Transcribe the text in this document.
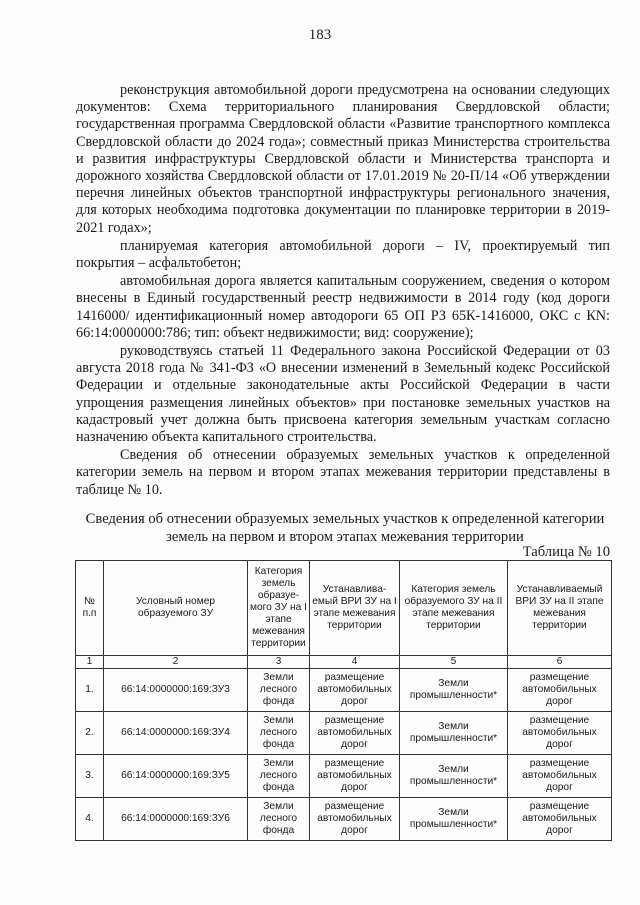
183

реконструкция автомобильной дороги предусмотрена на основании следующих документов: Схема территориального планирования Свердловской области; государственная программа Свердловской области «Развитие транспортного комплекса Свердловской области до 2024 года»; совместный приказ Министерства строительства и развития инфраструктуры Свердловской области и Министерства транспорта и дорожного хозяйства Свердловской области от 17.01.2019 № 20-П/14 «Об утверждении перечня линейных объектов транспортной инфраструктуры регионального значения, для которых необходима подготовка документации по планировке территории в 2019-2021 годах»;

планируемая категория автомобильной дороги – IV, проектируемый тип покрытия – асфальтобетон;

автомобильная дорога является капитальным сооружением, сведения о котором внесены в Единый государственный реестр недвижимости в 2014 году (код дороги 1416000/ идентификационный номер автодороги 65 ОП РЗ 65К-1416000, ОКС с КN: 66:14:0000000:786; тип: объект недвижимости; вид: сооружение);

руководствуясь статьей 11 Федерального закона Российской Федерации от 03 августа 2018 года № 341-ФЗ «О внесении изменений в Земельный кодекс Российской Федерации и отдельные законодательные акты Российской Федерации в части упрощения размещения линейных объектов» при постановке земельных участков на кадастровый учет должна быть присвоена категория земельным участкам согласно назначению объекта капитального строительства.

Сведения об отнесении образуемых земельных участков к определенной категории земель на первом и втором этапах межевания территории представлены в таблице № 10.

Сведения об отнесении образуемых земельных участков к определенной категории земель на первом и втором этапах межевания территории
Таблица № 10
№ п.п	Условный номер образуемого ЗУ	Категория земель образуе-мого ЗУ на I этапе межевания территории	Устанавлива-емый ВРИ ЗУ на I этапе межевания территории	Категория земель образуемого ЗУ на II этапе межевания территории	Устанавливаемый ВРИ ЗУ на II этапе межевания территории
1	2	3	4	5	6
1.	66:14:0000000:169:ЗУ3	Земли лесного фонда	размещение автомобильных дорог	Земли промышленности*	размещение автомобильных дорог
2.	66:14:0000000:169:ЗУ4	Земли лесного фонда	размещение автомобильных дорог	Земли промышленности*	размещение автомобильных дорог
3.	66:14:0000000:169:ЗУ5	Земли лесного фонда	размещение автомобильных дорог	Земли промышленности*	размещение автомобильных дорог
4.	66:14:0000000:169:ЗУ6	Земли лесного фонда	размещение автомобильных дорог	Земли промышленности*	размещение автомобильных дорог
